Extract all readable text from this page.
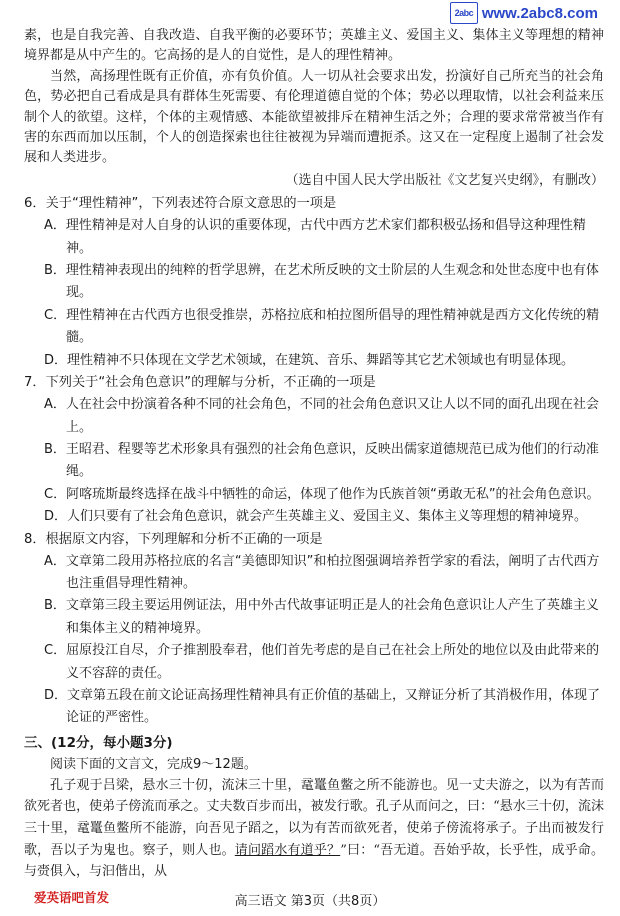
2abc www.2abc8.com

素，也是自我完善、自我改造、自我平衡的必要环节；英雄主义、爱国主义、集体主义等理想的精神境界都是从中产生的。它高扬的是人的自觉性，是人的理性精神。

当然，高扬理性既有正价值，亦有负价值。人一切从社会要求出发，扮演好自己所充当的社会角色，势必把自己看成是具有群体生死需要、有伦理道德自觉的个体；势必以理取情，以社会利益来压制个人的欲望。这样，个体的主观情感、本能欲望被排斥在精神生活之外；合理的要求常常被当作有害的东西而加以压制，个人的创造探索也往往被视为异端而遭扼杀。这又在一定程度上遏制了社会发展和人类进步。

（选自中国人民大学出版社《文艺复兴史纲》，有删改）

6．关于“理性精神”，下列表述符合原文意思的一项是

A．理性精神是对人自身的认识的重要体现，古代中西方艺术家们都积极弘扬和倡导这种理性精神。

B．理性精神表现出的纯粹的哲学思辨，在艺术所反映的文士阶层的人生观念和处世态度中也有体现。

C．理性精神在古代西方也很受推崇，苏格拉底和柏拉图所倡导的理性精神就是西方文化传统的精髓。

D．理性精神不只体现在文学艺术领域，在建筑、音乐、舞蹈等其它艺术领域也有明显体现。

7．下列关于“社会角色意识”的理解与分析，不正确的一项是

A．人在社会中扮演着各种不同的社会角色，不同的社会角色意识又让人以不同的面孔出现在社会上。

B．王昭君、程婴等艺术形象具有强烈的社会角色意识，反映出儒家道德规范已成为他们的行动准绳。

C．阿喀琉斯最终选择在战斗中牺牲的命运，体现了他作为氏族首领“勇敢无私”的社会角色意识。

D．人们只要有了社会角色意识，就会产生英雄主义、爱国主义、集体主义等理想的精神境界。

8．根据原文内容，下列理解和分析不正确的一项是

A．文章第二段用苏格拉底的名言“美德即知识”和柏拉图强调培养哲学家的看法，阐明了古代西方也注重倡导理性精神。

B．文章第三段主要运用例证法，用中外古代故事证明正是人的社会角色意识让人产生了英雄主义和集体主义的精神境界。

C．屈原投江自尽，介子推割股奉君，他们首先考虑的是自己在社会上所处的地位以及由此带来的义不容辞的责任。

D．文章第五段在前文论证高扬理性精神具有正价值的基础上，又辩证分析了其消极作用，体现了论证的严密性。

三、(12分，每小题3分)

阅读下面的文言文，完成9～12题。

孔子观于吕梁，悬水三十仞，流沫三十里，鼋鼍鱼鳖之所不能游也。见一丈夫游之，以为有苦而欲死者也，使弟子傍流而承之。丈夫数百步而出，被发行歌。孔子从而问之，曰：“悬水三十仞，流沫三十里，鼋鼍鱼鳖所不能游，向吾见子蹈之，以为有苦而欲死者，使弟子傍流将承子。子出而被发行歌，吾以子为鬼也。察子，则人也。请问蹈水有道乎？”曰：“吾无道。吾始乎故，长乎性，成乎命。与赍俱入，与汩偕出，从

爱英语吧首发	高三语文 第3页（共8页）
